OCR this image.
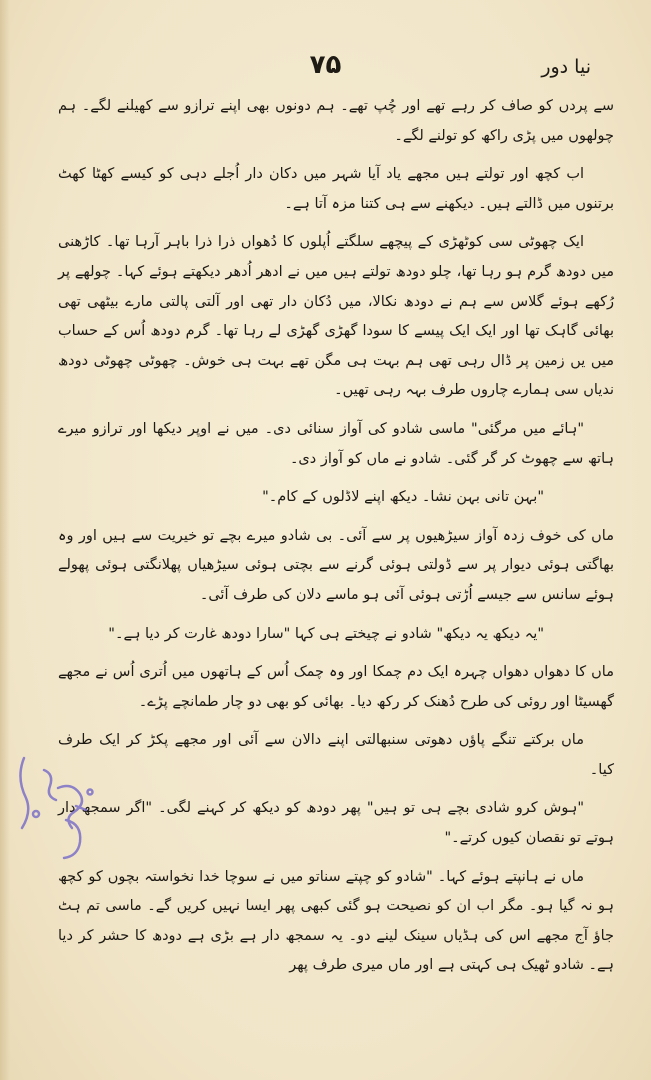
نیا دور
۷۵

سے پردں کو صاف کر رہے تھے اور چُپ تھے۔ ہم دونوں بھی اپنے ترازو سے کھیلنے لگے۔ ہم چولھوں میں پڑی راکھ کو تولنے لگے۔

اب کچھ اور تولتے ہیں مجھے یاد آیا شہر میں دکان دار اُجلے دہی کو کیسے کھٹا کھٹ برتنوں میں ڈالتے ہیں۔ دیکھنے سے ہی کتنا مزہ آتا ہے۔

ایک چھوٹی سی کوٹھڑی کے پیچھے سلگتے اُپلوں کا دُھواں ذرا ذرا باہر آرہا تھا۔ کاڑھنی میں دودھ گرم ہو رہا تھا، چلو دودھ تولتے ہیں میں نے ادھر اُدھر دیکھتے ہوئے کہا۔ چولھے پر رُکھے ہوئے گلاس سے ہم نے دودھ نکالا، میں دُکان دار تھی اور آلتی پالتی مارے بیٹھی تھی بھائی گاہک تھا اور ایک ایک پیسے کا سودا گھڑی گھڑی لے رہا تھا۔ گرم دودھ اُس کے حساب میں یں زمین پر ڈال رہی تھی ہم بہت ہی مگن تھے بہت ہی خوش۔ چھوٹی چھوٹی دودھ ندیاں سی ہمارے چاروں طرف بہہ رہی تھیں۔

"ہائے میں مرگئی" ماسی شادو کی آواز سنائی دی۔ میں نے اوپر دیکھا اور ترازو میرے ہاتھ سے چھوٹ کر گر گئی۔ شادو نے ماں کو آواز دی۔

"بہن تانی بہن نشا۔ دیکھ اپنے لاڈلوں کے کام۔"

ماں کی خوف زدہ آواز سیڑھیوں پر سے آئی۔ بی شادو میرے بچے تو خیریت سے ہیں اور وہ بھاگتی ہوئی دیوار پر سے ڈولتی ہوئی گرنے سے بچتی ہوئی سیڑھیاں پھلانگتی ہوئی پھولے ہوئے سانس سے جیسے اُڑتی ہوئی آئی ہو ماسے دلان کی طرف آئی۔

"یہ دیکھ یہ دیکھ" شادو نے چیختے ہی کہا "سارا دودھ غارت کر دیا ہے۔"

ماں کا دھواں دھواں چہرہ ایک دم چمکا اور وہ چمک اُس کے ہاتھوں میں اُتری اُس نے مجھے گھسیٹا اور روئی کی طرح دُھنک کر رکھ دیا۔ بھائی کو بھی دو چار طمانچے پڑے۔

ماں برکتے تنگے پاؤں دھوتی سنبھالتی اپنے دالان سے آئی اور مجھے پکڑ کر ایک طرف کیا۔

"ہوش کرو شادی بچے ہی تو ہیں" پھر دودھ کو دیکھ کر کہنے لگی۔ "اگر سمجھ دار ہوتے تو نقصان کیوں کرتے۔"

ماں نے ہانپتے ہوئے کہا۔ "شادو کو چپتے سناتو میں نے سوچا خدا نخواستہ بچوں کو کچھ ہو نہ گیا ہو۔ مگر اب ان کو نصیحت ہو گئی کبھی پھر ایسا نہیں کریں گے۔ ماسی تم ہٹ جاؤ آج مجھے اس کی ہڈیاں سینک لینے دو۔ یہ سمجھ دار ہے بڑی ہے دودھ کا حشر کر دیا ہے۔ شادو ٹھیک ہی کہتی ہے اور ماں میری طرف پھر
